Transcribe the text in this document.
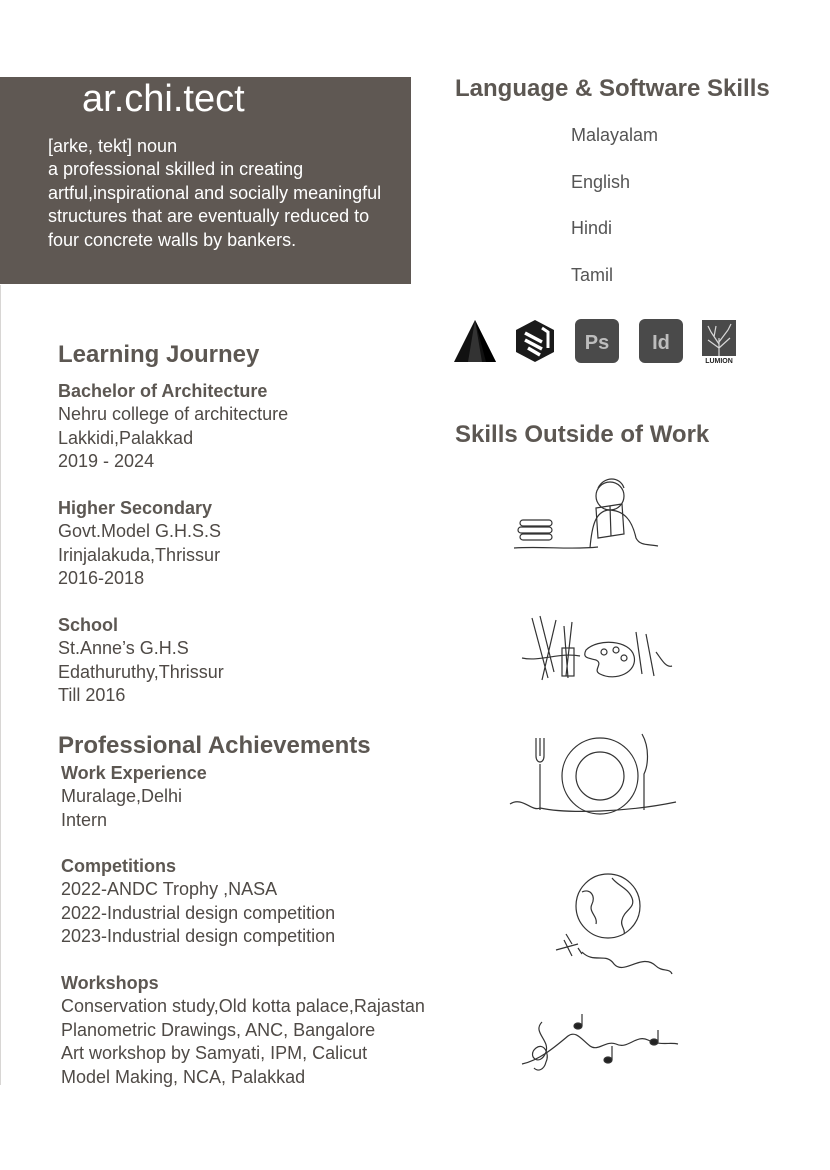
ar.chi.tect
[arke, tekt] noun
a professional skilled in creating
artful,inspirational and socially meaningful
structures that are eventually reduced to
four concrete walls by bankers.
Language & Software Skills
Malayalam
English
Hindi
Tamil
Ps Id
LUMION
Skills Outside of Work
Learning Journey
Bachelor of Architecture
Nehru college of architecture
Lakkidi,Palakkad
2019 - 2024
Higher Secondary
Govt.Model G.H.S.S
Irinjalakuda,Thrissur
2016-2018
School
St.Anne’s G.H.S
Edathuruthy,Thrissur
Till 2016
Professional Achievements
Work Experience
Muralage,Delhi
Intern
Competitions
2022-ANDC Trophy ,NASA
2022-Industrial design competition
2023-Industrial design competition
Workshops
Conservation study,Old kotta palace,Rajastan
Planometric Drawings, ANC, Bangalore
Art workshop by Samyati, IPM, Calicut
Model Making, NCA, Palakkad
